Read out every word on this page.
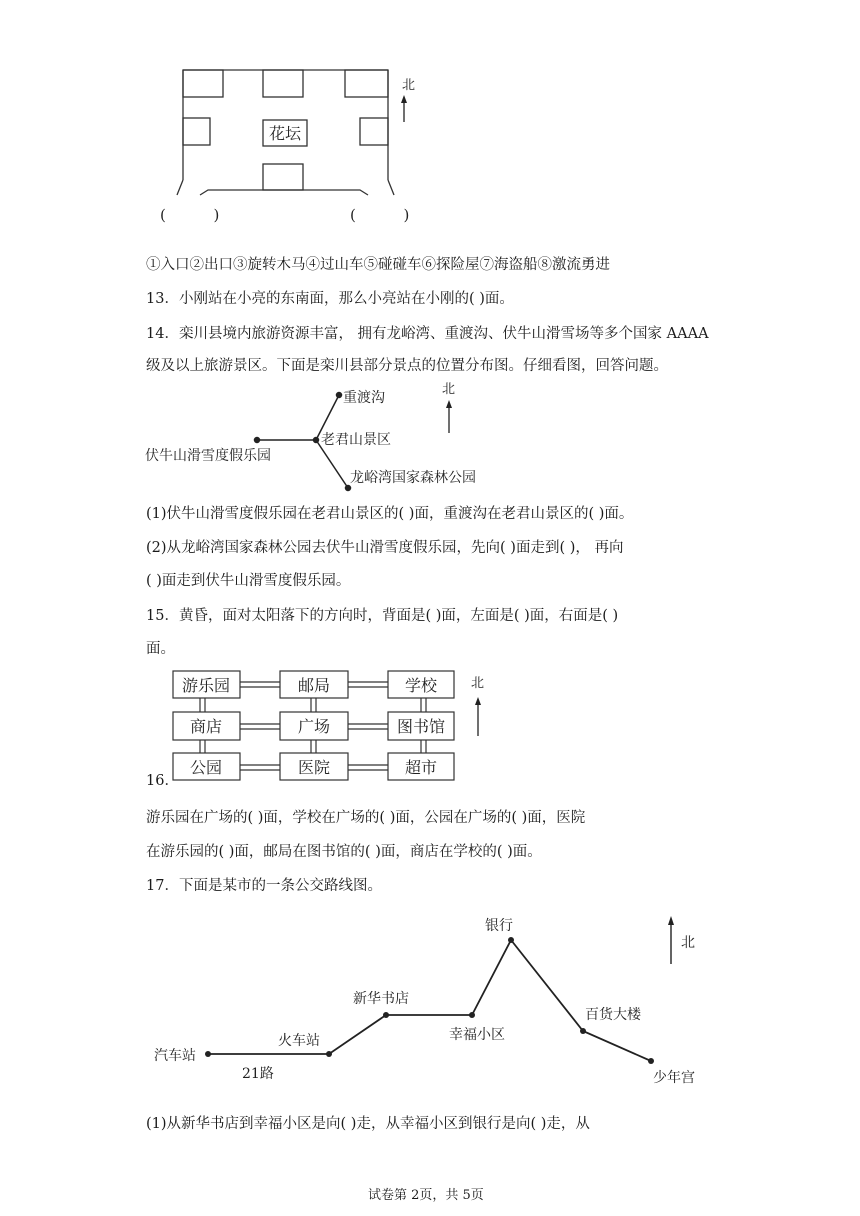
花坛
北
(          )	(          )
①入口②出口③旋转木马④过山车⑤碰碰车⑥探险屋⑦海盗船⑧激流勇进
13．小刚站在小亮的东南面，那么小亮站在小刚的( )面。
14．栾川县境内旅游资源丰富， 拥有龙峪湾、重渡沟、伏牛山滑雪场等多个国家 AAAA
级及以上旅游景区。下面是栾川县部分景点的位置分布图。仔细看图，回答问题。
重渡沟
老君山景区
龙峪湾国家森林公园
伏牛山滑雪度假乐园
北
(1)伏牛山滑雪度假乐园在老君山景区的( )面，重渡沟在老君山景区的( )面。
(2)从龙峪湾国家森林公园去伏牛山滑雪度假乐园，先向( )面走到( )， 再向
( )面走到伏牛山滑雪度假乐园。
15．黄昏，面对太阳落下的方向时，背面是( )面，左面是( )面，右面是( )
面。
游乐园	邮局	学校
商店	广场	图书馆
公园	医院	超市
北
16．
游乐园在广场的( )面，学校在广场的( )面，公园在广场的( )面，医院
在游乐园的( )面，邮局在图书馆的( )面，商店在学校的( )面。
17．下面是某市的一条公交路线图。
汽车站
火车站
新华书店
幸福小区
银行
百货大楼
少年宫
21路
北
(1)从新华书店到幸福小区是向( )走，从幸福小区到银行是向( )走，从
试卷第 2页，共 5页
